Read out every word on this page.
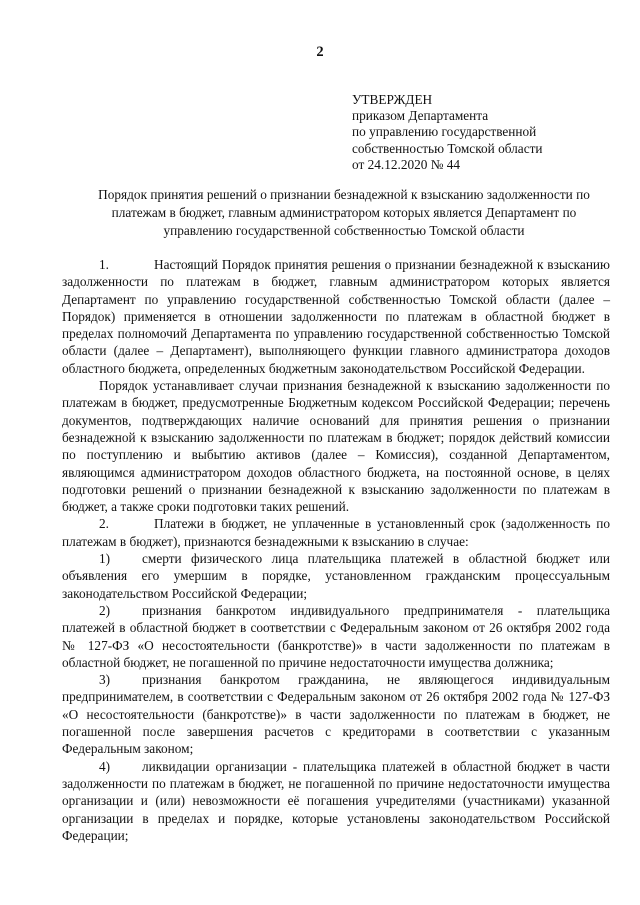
2
УТВЕРЖДЕН
приказом Департамента
по управлению государственной
собственностью Томской области
от 24.12.2020 № 44
Порядок принятия решений о признании безнадежной к взысканию задолженности по
платежам в бюджет, главным администратором которых является Департамент по
управлению государственной собственностью Томской области

1.	Настоящий Порядок принятия решения о признании безнадежной к взысканию задолженности по платежам в бюджет, главным администратором которых является Департамент по управлению государственной собственностью Томской области (далее – Порядок) применяется в отношении задолженности по платежам в областной бюджет в пределах полномочий Департамента по управлению государственной собственностью Томской области (далее – Департамент), выполняющего функции главного администратора доходов областного бюджета, определенных бюджетным законодательством Российской Федерации.

Порядок устанавливает случаи признания безнадежной к взысканию задолженности по платежам в бюджет, предусмотренные Бюджетным кодексом Российской Федерации; перечень документов, подтверждающих наличие оснований для принятия решения о признании безнадежной к взысканию задолженности по платежам в бюджет; порядок действий комиссии по поступлению и выбытию активов (далее – Комиссия), созданной Департаментом, являющимся администратором доходов областного бюджета, на постоянной основе, в целях подготовки решений о признании безнадежной к взысканию задолженности по платежам в бюджет, а также сроки подготовки таких решений.

2.	Платежи в бюджет, не уплаченные в установленный срок (задолженность по платежам в бюджет), признаются безнадежными к взысканию в случае:

1) смерти физического лица плательщика платежей в областной бюджет или объявления его умершим в порядке, установленном гражданским процессуальным законодательством Российской Федерации;

2) признания банкротом индивидуального предпринимателя - плательщика платежей в областной бюджет в соответствии с Федеральным законом от 26 октября 2002 года № 127-ФЗ «О несостоятельности (банкротстве)» в части задолженности по платежам в областной бюджет, не погашенной по причине недостаточности имущества должника;

3) признания банкротом гражданина, не являющегося индивидуальным предпринимателем, в соответствии с Федеральным законом от 26 октября 2002 года № 127-ФЗ «О несостоятельности (банкротстве)» в части задолженности по платежам в бюджет, не погашенной после завершения расчетов с кредиторами в соответствии с указанным Федеральным законом;

4) ликвидации организации - плательщика платежей в областной бюджет в части задолженности по платежам в бюджет, не погашенной по причине недостаточности имущества организации и (или) невозможности её погашения учредителями (участниками) указанной организации в пределах и порядке, которые установлены законодательством Российской Федерации;
